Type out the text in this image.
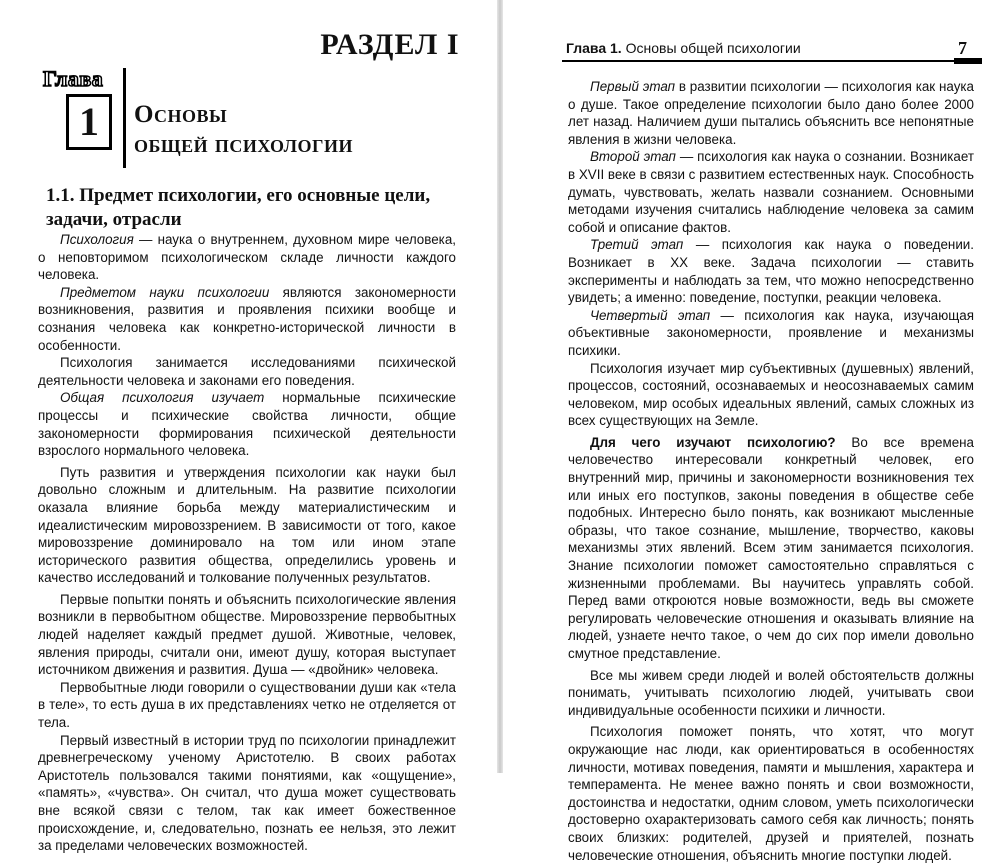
РАЗДЕЛ I
Глава
1	Основы
общей психологии
1.1. Предмет психологии, его основные цели, задачи, отрасли

Психология — наука о внутреннем, духовном мире человека, о неповторимом психологическом складе личности каждого человека.

Предметом науки психологии являются закономерности возникновения, развития и проявления психики вообще и сознания человека как конкретно-исторической личности в особенности.

Психология занимается исследованиями психической деятельности человека и законами его поведения.

Общая психология изучает нормальные психические процессы и психические свойства личности, общие закономерности формирования психической деятельности взрослого нормального человека.

Путь развития и утверждения психологии как науки был довольно сложным и длительным. На развитие психологии оказала влияние борьба между материалистическим и идеалистическим мировоззрением. В зависимости от того, какое мировоззрение доминировало на том или ином этапе исторического развития общества, определились уровень и качество исследований и толкование полученных результатов.

Первые попытки понять и объяснить психологические явления возникли в первобытном обществе. Мировоззрение первобытных людей наделяет каждый предмет душой. Животные, человек, явления природы, считали они, имеют душу, которая выступает источником движения и развития. Душа — «двойник» человека.

Первобытные люди говорили о существовании души как «тела в теле», то есть душа в их представлениях четко не отделяется от тела.

Первый известный в истории труд по психологии принадлежит древнегреческому ученому Аристотелю. В своих работах Аристотель пользовался такими понятиями, как «ощущение», «память», «чувства». Он считал, что душа может существовать вне всякой связи с телом, так как имеет божественное происхождение, и, следовательно, познать ее нельзя, это лежит за пределами человеческих возможностей.

Глава 1. Основы общей психологии	7

Первый этап в развитии психологии — психология как наука о душе. Такое определение психологии было дано более 2000 лет назад. Наличием души пытались объяснить все непонятные явления в жизни человека.

Второй этап — психология как наука о сознании. Возникает в XVII веке в связи с развитием естественных наук. Способность думать, чувствовать, желать назвали сознанием. Основными методами изучения считались наблюдение человека за самим собой и описание фактов.

Третий этап — психология как наука о поведении. Возникает в XX веке. Задача психологии — ставить эксперименты и наблюдать за тем, что можно непосредственно увидеть; а именно: поведение, поступки, реакции человека.

Четвертый этап — психология как наука, изучающая объективные закономерности, проявление и механизмы психики.

Психология изучает мир субъективных (душевных) явлений, процессов, состояний, осознаваемых и неосознаваемых самим человеком, мир особых идеальных явлений, самых сложных из всех существующих на Земле.

Для чего изучают психологию? Во все времена человечество интересовали конкретный человек, его внутренний мир, причины и закономерности возникновения тех или иных его поступков, законы поведения в обществе себе подобных. Интересно было понять, как возникают мысленные образы, что такое сознание, мышление, творчество, каковы механизмы этих явлений. Всем этим занимается психология. Знание психологии поможет самостоятельно справляться с жизненными проблемами. Вы научитесь управлять собой. Перед вами откроются новые возможности, ведь вы сможете регулировать человеческие отношения и оказывать влияние на людей, узнаете нечто такое, о чем до сих пор имели довольно смутное представление.

Все мы живем среди людей и волей обстоятельств должны понимать, учитывать психологию людей, учитывать свои индивидуальные особенности психики и личности.

Психология поможет понять, что хотят, что могут окружающие нас люди, как ориентироваться в особенностях личности, мотивах поведения, памяти и мышления, характера и темперамента. Не менее важно понять и свои возможности, достоинства и недостатки, одним словом, уметь психологически достоверно охарактеризовать самого себя как личность; понять своих близких: родителей, друзей и приятелей, познать человеческие отношения, объяснить многие поступки людей.
